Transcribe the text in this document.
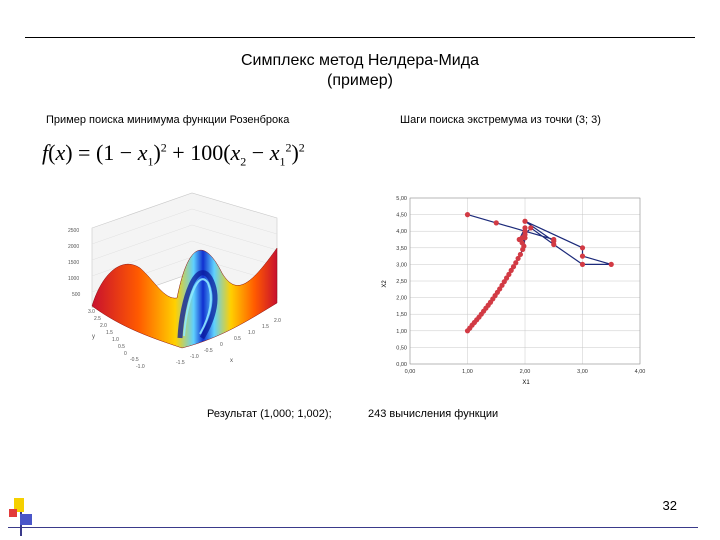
Симплекс метод Нелдера-Мида
(пример)
Пример поиска минимума функции Розенброка	Шаги поиска экстремума из точки (3; 3)
$f(x) = (1 - x_1)^2 + 100(x_2 - x_1^2)^2$
2500
2000
1500
1000
500
3.0
2.5
2.0
1.5
1.0
0.5
0
-0.5
-1.0
y
-1.5
-1.0
-0.5
0
0.5
1.0
1.5
2.0
x
0,00
0,50
1,00
1,50
2,00
2,50
3,00
3,50
4,00
4,50
5,00
0,00	1,00	2,00	3,00	4,00
X1
X2
Результат (1,000; 1,002);	243 вычисления функции
32
